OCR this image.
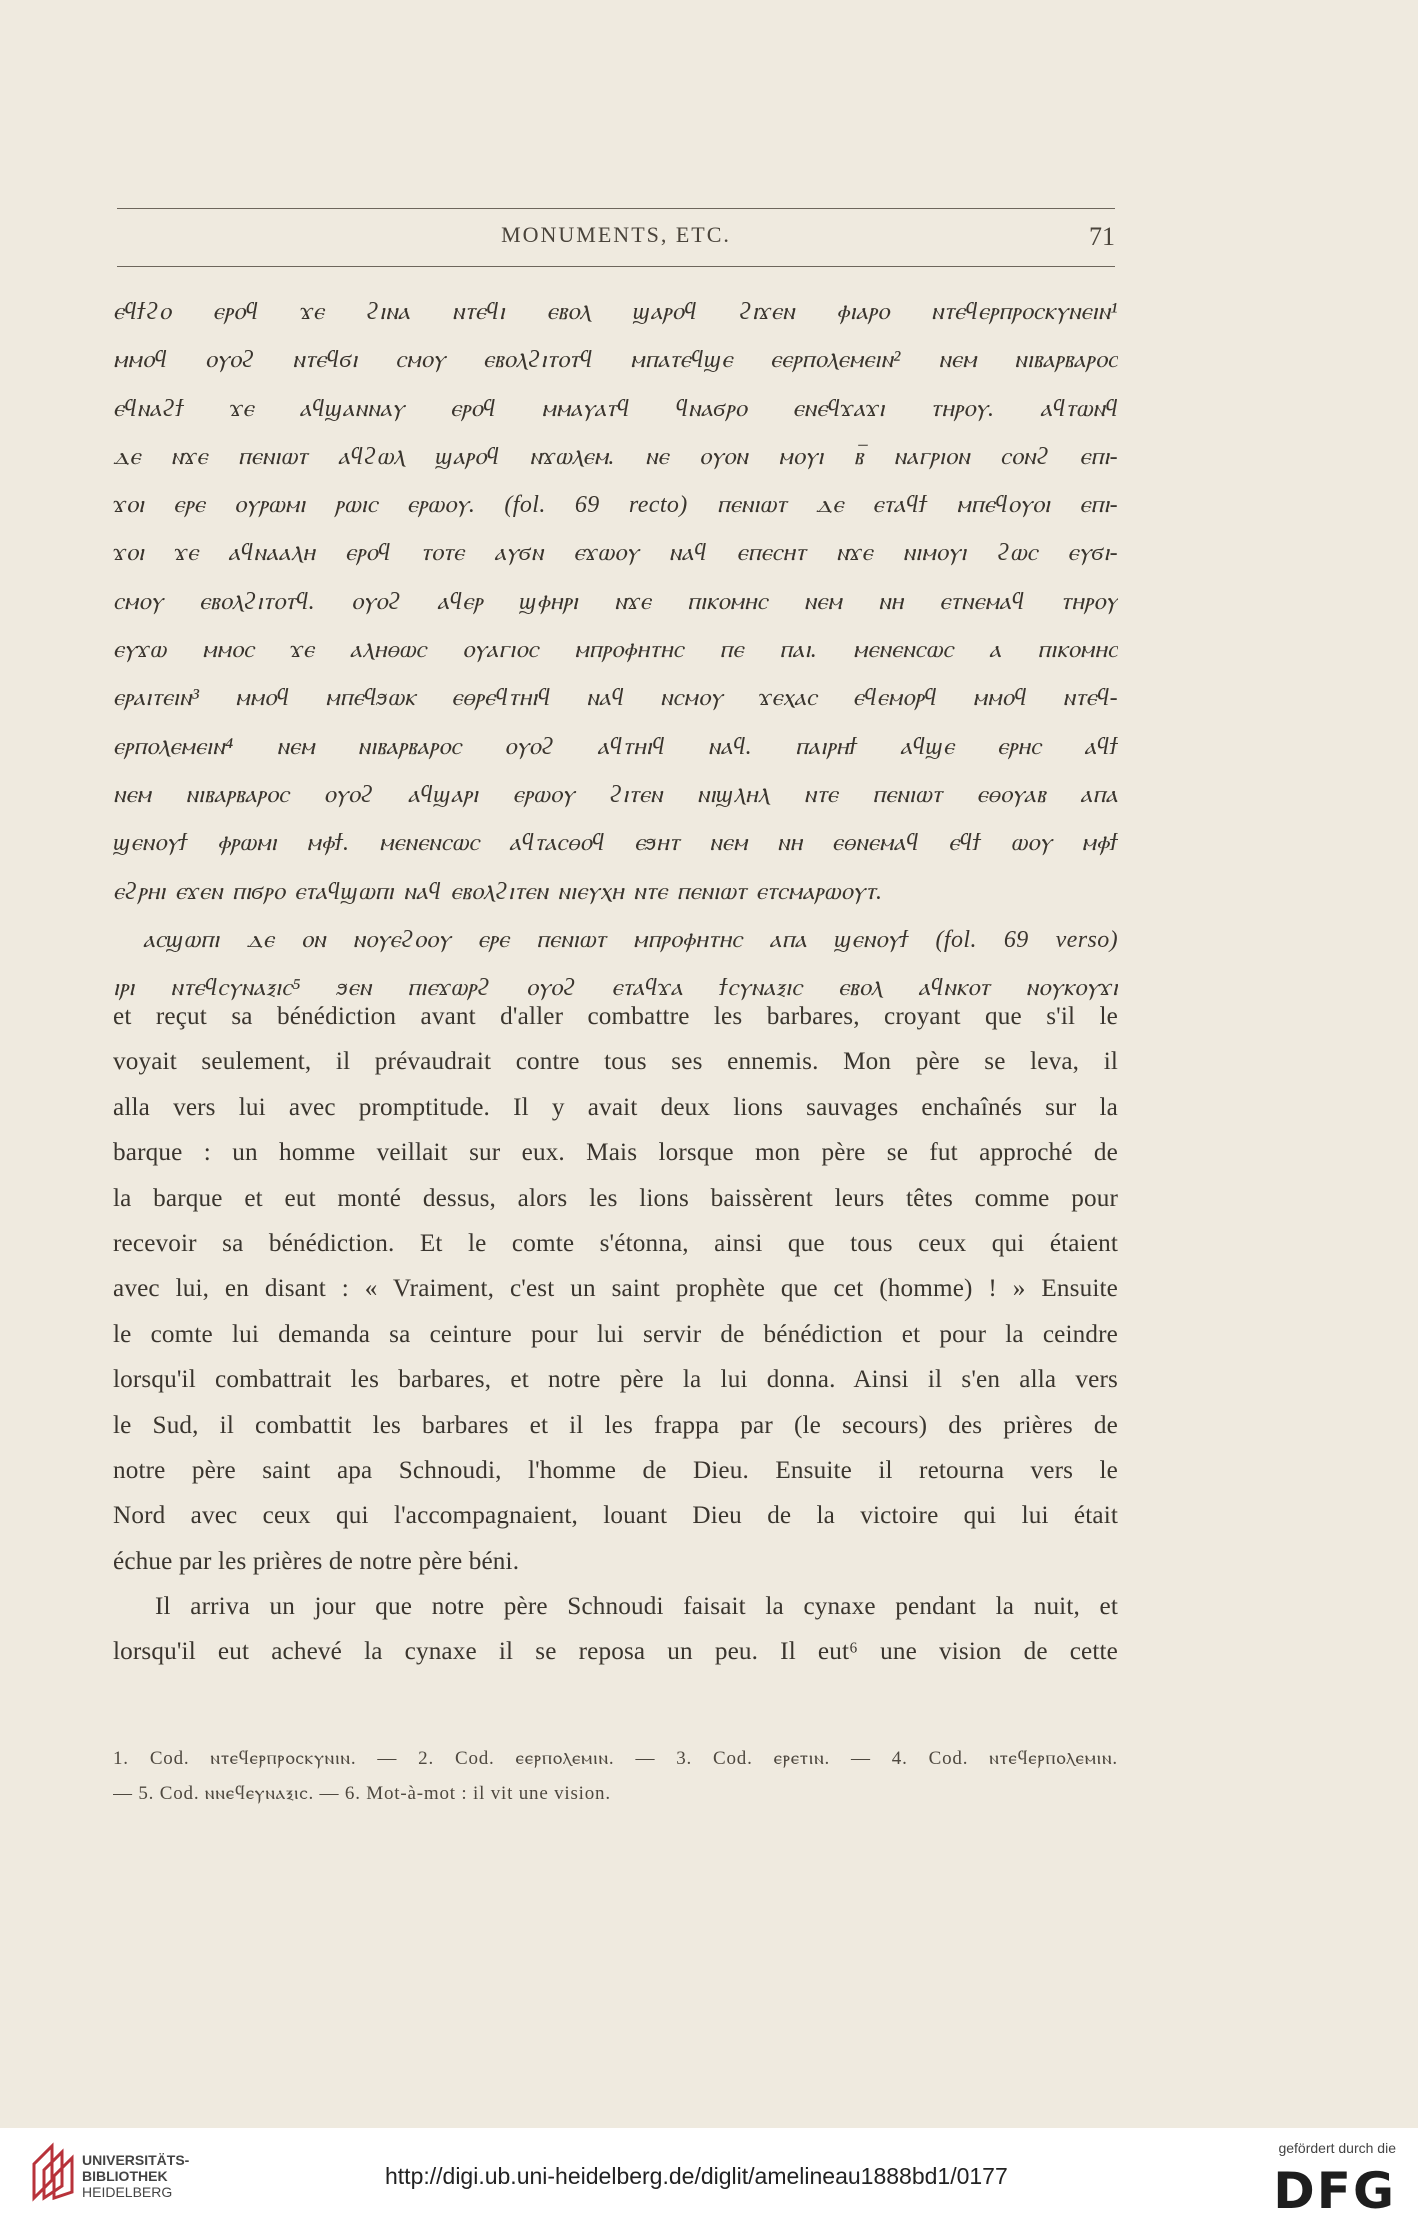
MONUMENTS, ETC.	71
ⲉϥϯϩⲟ ⲉⲣⲟϥ ϫⲉ ϩⲓⲛⲁ ⲛⲧⲉϥⲓ ⲉⲃⲟⲗ ϣⲁⲣⲟϥ ϩⲓϫⲉⲛ ⲫⲓⲁⲣⲟ ⲛⲧⲉϥⲉⲣⲡⲣⲟⲥⲕⲩⲛⲉⲓⲛ¹
ⲙⲙⲟϥ ⲟⲩⲟϩ ⲛⲧⲉϥϭⲓ ⲥⲙⲟⲩ ⲉⲃⲟⲗϩⲓⲧⲟⲧϥ ⲙⲡⲁⲧⲉϥϣⲉ ⲉⲉⲣⲡⲟⲗⲉⲙⲉⲓⲛ² ⲛⲉⲙ ⲛⲓⲃⲁⲣⲃⲁⲣⲟⲥ
ⲉϥⲛⲁϩϯ ϫⲉ ⲁϥϣⲁⲛⲛⲁⲩ ⲉⲣⲟϥ ⲙⲙⲁⲩⲁⲧϥ ϥⲛⲁϭⲣⲟ ⲉⲛⲉϥϫⲁϫⲓ ⲧⲏⲣⲟⲩ. ⲁϥⲧⲱⲛϥ
ⲇⲉ ⲛϫⲉ ⲡⲉⲛⲓⲱⲧ ⲁϥϩⲱⲗ ϣⲁⲣⲟϥ ⲛϫⲱⲗⲉⲙ. ⲛⲉ ⲟⲩⲟⲛ ⲙⲟⲩⲓ ⲃ̅ ⲛⲁⲅⲣⲓⲟⲛ ⲥⲟⲛϩ ⲉⲡⲓ-
ϫⲟⲓ ⲉⲣⲉ ⲟⲩⲣⲱⲙⲓ ⲣⲱⲓⲥ ⲉⲣⲱⲟⲩ. (fol. 69 recto) ⲡⲉⲛⲓⲱⲧ ⲇⲉ ⲉⲧⲁϥϯ ⲙⲡⲉϥⲟⲩⲟⲓ ⲉⲡⲓ-
ϫⲟⲓ ϫⲉ ⲁϥⲛⲁⲁⲗⲏ ⲉⲣⲟϥ ⲧⲟⲧⲉ ⲁⲩϭⲛ ⲉϫⲱⲟⲩ ⲛⲁϥ ⲉⲡⲉⲥⲏⲧ ⲛϫⲉ ⲛⲓⲙⲟⲩⲓ ϩⲱⲥ ⲉⲩϭⲓ-
ⲥⲙⲟⲩ ⲉⲃⲟⲗϩⲓⲧⲟⲧϥ. ⲟⲩⲟϩ ⲁϥⲉⲣ ϣⲫⲏⲣⲓ ⲛϫⲉ ⲡⲓⲕⲟⲙⲏⲥ ⲛⲉⲙ ⲛⲏ ⲉⲧⲛⲉⲙⲁϥ ⲧⲏⲣⲟⲩ
ⲉⲩϫⲱ ⲙⲙⲟⲥ ϫⲉ ⲁⲗⲏⲑⲱⲥ ⲟⲩⲁⲅⲓⲟⲥ ⲙⲡⲣⲟⲫⲏⲧⲏⲥ ⲡⲉ ⲡⲁⲓ. ⲙⲉⲛⲉⲛⲥⲱⲥ ⲁ ⲡⲓⲕⲟⲙⲏⲥ
ⲉⲣⲁⲓⲧⲉⲓⲛ³ ⲙⲙⲟϥ ⲙⲡⲉϥϧⲱⲕ ⲉⲑⲣⲉϥⲧⲏⲓϥ ⲛⲁϥ ⲛⲥⲙⲟⲩ ϫⲉⲭⲁⲥ ⲉϥⲉⲙⲟⲣϥ ⲙⲙⲟϥ ⲛⲧⲉϥ-
ⲉⲣⲡⲟⲗⲉⲙⲉⲓⲛ⁴ ⲛⲉⲙ ⲛⲓⲃⲁⲣⲃⲁⲣⲟⲥ ⲟⲩⲟϩ ⲁϥⲧⲏⲓϥ ⲛⲁϥ. ⲡⲁⲓⲣⲏϯ ⲁϥϣⲉ ⲉⲣⲏⲥ ⲁϥϯ
ⲛⲉⲙ ⲛⲓⲃⲁⲣⲃⲁⲣⲟⲥ ⲟⲩⲟϩ ⲁϥϣⲁⲣⲓ ⲉⲣⲱⲟⲩ ϩⲓⲧⲉⲛ ⲛⲓϣⲗⲏⲗ ⲛⲧⲉ ⲡⲉⲛⲓⲱⲧ ⲉⲑⲟⲩⲁⲃ ⲁⲡⲁ
ϣⲉⲛⲟⲩϯ ⲫⲣⲱⲙⲓ ⲙⲫϯ. ⲙⲉⲛⲉⲛⲥⲱⲥ ⲁϥⲧⲁⲥⲑⲟϥ ⲉϧⲏⲧ ⲛⲉⲙ ⲛⲏ ⲉⲑⲛⲉⲙⲁϥ ⲉϥϯ ⲱⲟⲩ ⲙⲫϯ
ⲉϩⲣⲏⲓ ⲉϫⲉⲛ ⲡⲓϭⲣⲟ ⲉⲧⲁϥϣⲱⲡⲓ ⲛⲁϥ ⲉⲃⲟⲗϩⲓⲧⲉⲛ ⲛⲓⲉⲩⲭⲏ ⲛⲧⲉ ⲡⲉⲛⲓⲱⲧ ⲉⲧⲥⲙⲁⲣⲱⲟⲩⲧ.
ⲁⲥϣⲱⲡⲓ ⲇⲉ ⲟⲛ ⲛⲟⲩⲉϩⲟⲟⲩ ⲉⲣⲉ ⲡⲉⲛⲓⲱⲧ ⲙⲡⲣⲟⲫⲏⲧⲏⲥ ⲁⲡⲁ ϣⲉⲛⲟⲩϯ (fol. 69 verso)
ⲓⲣⲓ ⲛⲧⲉϥⲥⲩⲛⲁⲝⲓⲥ⁵ ϧⲉⲛ ⲡⲓⲉϫⲱⲣϩ ⲟⲩⲟϩ ⲉⲧⲁϥϫⲁ ϯⲥⲩⲛⲁⲝⲓⲥ ⲉⲃⲟⲗ ⲁϥⲛⲕⲟⲧ ⲛⲟⲩⲕⲟⲩϫⲓ
et reçut sa bénédiction avant d'aller combattre les barbares, croyant que s'il le
voyait seulement, il prévaudrait contre tous ses ennemis. Mon père se leva, il
alla vers lui avec promptitude. Il y avait deux lions sauvages enchaînés sur la
barque : un homme veillait sur eux. Mais lorsque mon père se fut approché de
la barque et eut monté dessus, alors les lions baissèrent leurs têtes comme pour
recevoir sa bénédiction. Et le comte s'étonna, ainsi que tous ceux qui étaient
avec lui, en disant : « Vraiment, c'est un saint prophète que cet (homme) ! » Ensuite
le comte lui demanda sa ceinture pour lui servir de bénédiction et pour la ceindre
lorsqu'il combattrait les barbares, et notre père la lui donna. Ainsi il s'en alla vers
le Sud, il combattit les barbares et il les frappa par (le secours) des prières de
notre père saint apa Schnoudi, l'homme de Dieu. Ensuite il retourna vers le
Nord avec ceux qui l'accompagnaient, louant Dieu de la victoire qui lui était
échue par les prières de notre père béni.
Il arriva un jour que notre père Schnoudi faisait la cynaxe pendant la nuit, et
lorsqu'il eut achevé la cynaxe il se reposa un peu. Il eut⁶ une vision de cette
1. Cod. ⲛⲧⲉϥⲉⲣⲡⲣⲟⲥⲕⲩⲛⲓⲛ. — 2. Cod. ⲉⲉⲣⲡⲟⲗⲉⲙⲓⲛ. — 3. Cod. ⲉⲣⲉⲧⲓⲛ. — 4. Cod. ⲛⲧⲉϥⲉⲣⲡⲟⲗⲉⲙⲓⲛ.
— 5. Cod. ⲛⲛⲉϥⲉⲩⲛⲁⲝⲓⲥ. — 6. Mot-à-mot : il vit une vision.
UNIVERSITÄTS-
BIBLIOTHEK
HEIDELBERG
http://digi.ub.uni-heidelberg.de/diglit/amelineau1888bd1/0177
gefördert durch die
DFG
